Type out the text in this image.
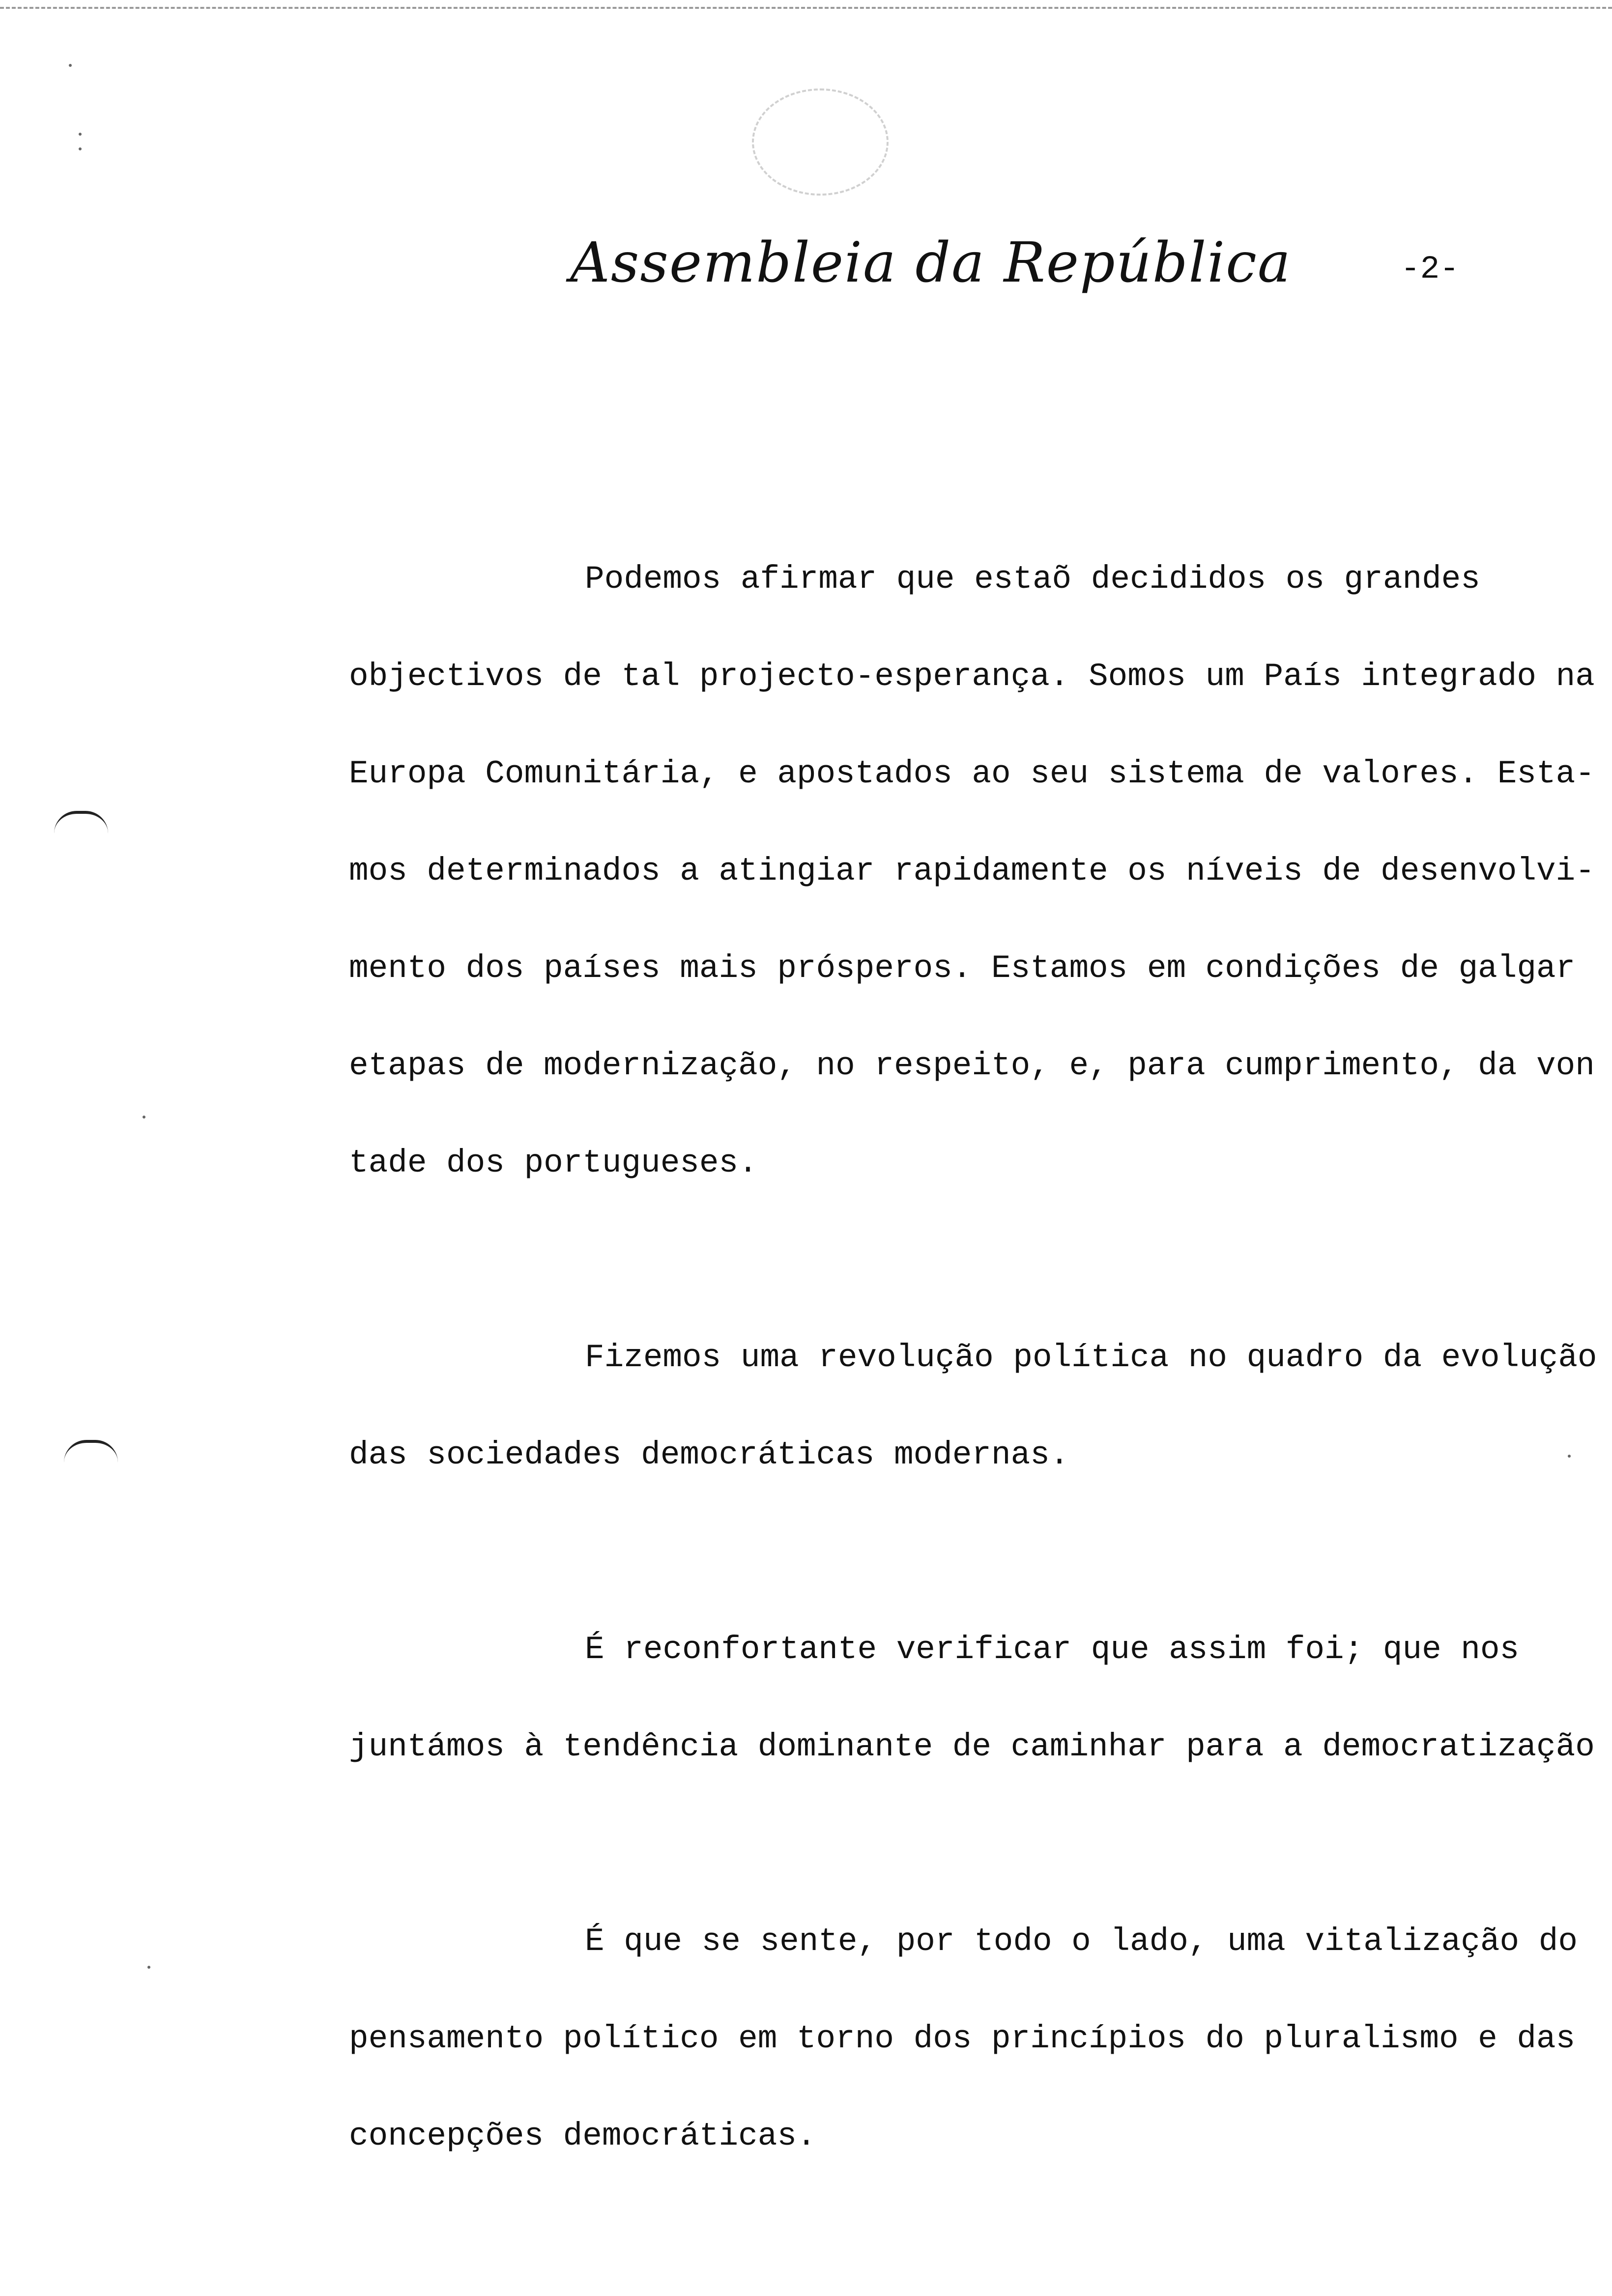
Assembleia da República	-2-
Podemos afirmar que estaõ decididos os grandes
objectivos de tal projecto-esperança. Somos um País integrado na
Europa Comunitária, e apostados ao seu sistema de valores. Esta-
mos determinados a atingiar rapidamente os níveis de desenvolvi-
mento dos países mais prósperos. Estamos em condições de galgar
etapas de modernização, no respeito, e, para cumprimento, da von
tade dos portugueses.
Fizemos uma revolução política no quadro da evolução
das sociedades democráticas modernas.
É reconfortante verificar que assim foi; que nos
juntámos à tendência dominante de caminhar para a democratização
É que se sente, por todo o lado, uma vitalização do
pensamento político em torno dos princípios do pluralismo e das
concepções democráticas.
